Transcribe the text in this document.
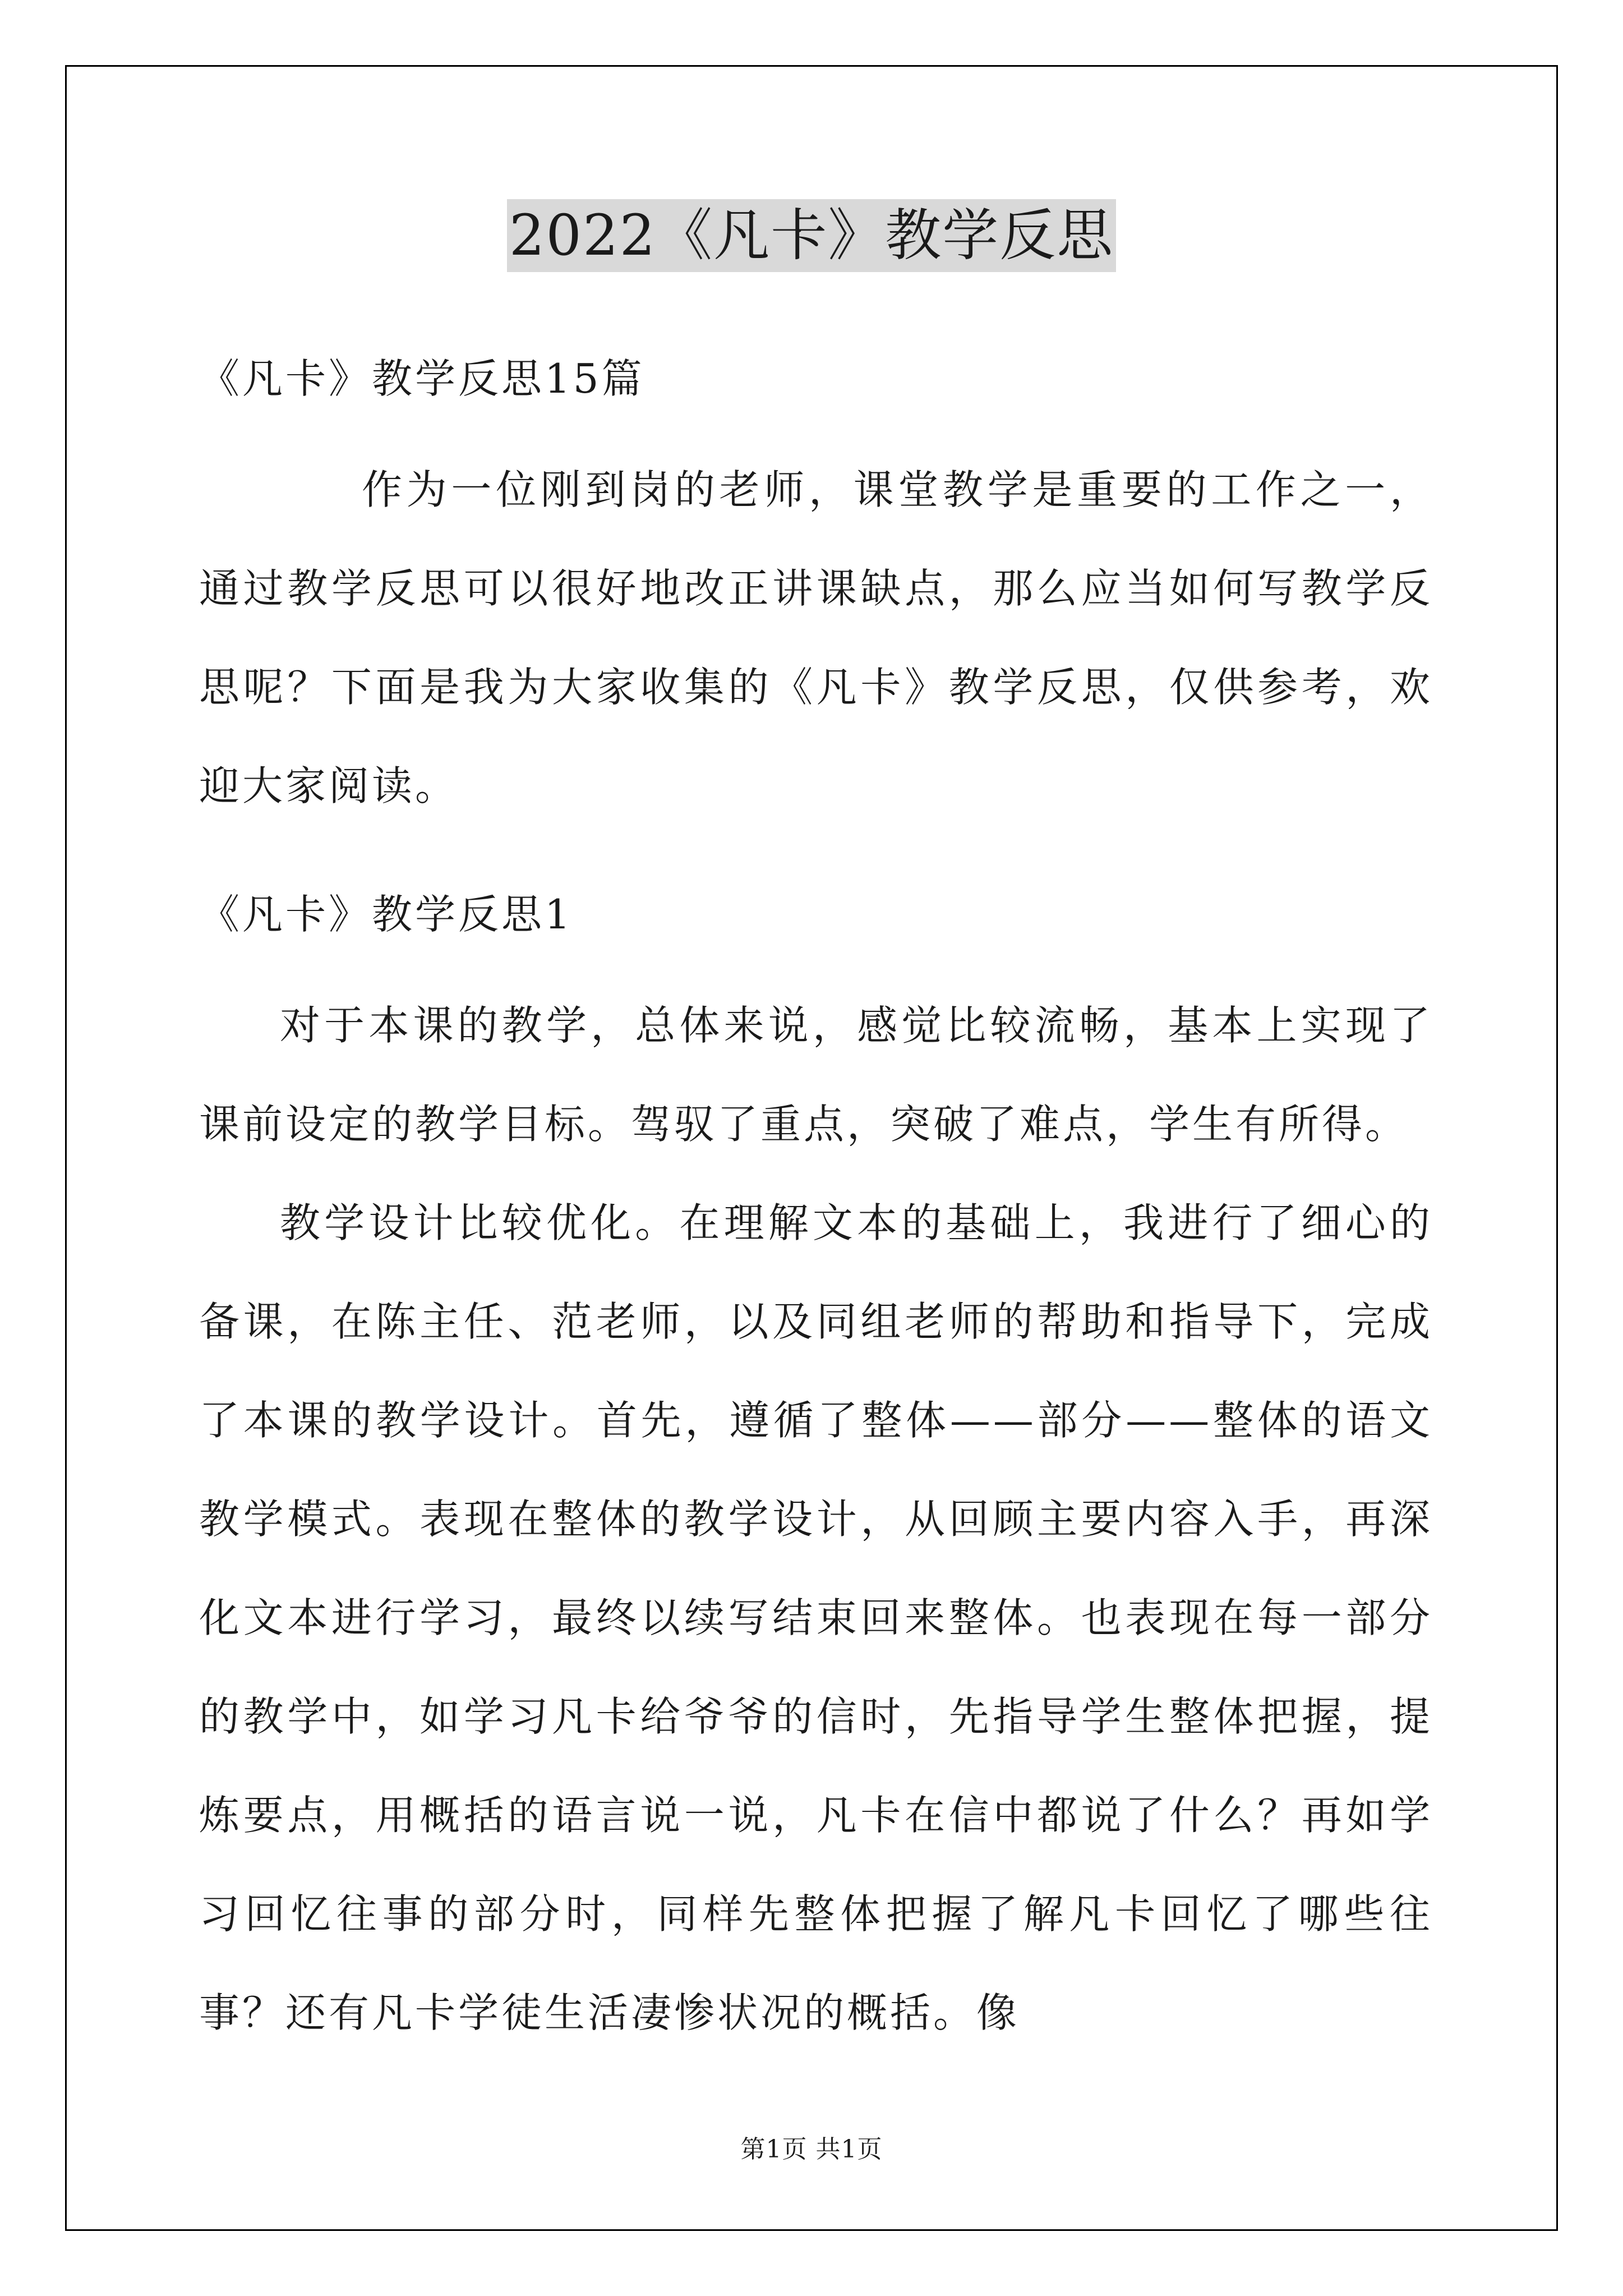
2022《凡卡》教学反思
《凡卡》教学反思15篇

作为一位刚到岗的老师，课堂教学是重要的工作之一，通过教学反思可以很好地改正讲课缺点，那么应当如何写教学反思呢？下面是我为大家收集的《凡卡》教学反思，仅供参考，欢迎大家阅读。

《凡卡》教学反思1

对于本课的教学，总体来说，感觉比较流畅，基本上实现了课前设定的教学目标。驾驭了重点，突破了难点，学生有所得。

教学设计比较优化。在理解文本的基础上，我进行了细心的备课，在陈主任、范老师，以及同组老师的帮助和指导下，完成了本课的教学设计。首先，遵循了整体——部分——整体的语文教学模式。表现在整体的教学设计，从回顾主要内容入手，再深化文本进行学习，最终以续写结束回来整体。也表现在每一部分的教学中，如学习凡卡给爷爷的信时，先指导学生整体把握，提炼要点，用概括的语言说一说，凡卡在信中都说了什么？再如学习回忆往事的部分时，同样先整体把握了解凡卡回忆了哪些往事？还有凡卡学徒生活凄惨状况的概括。像

第1页 共1页
